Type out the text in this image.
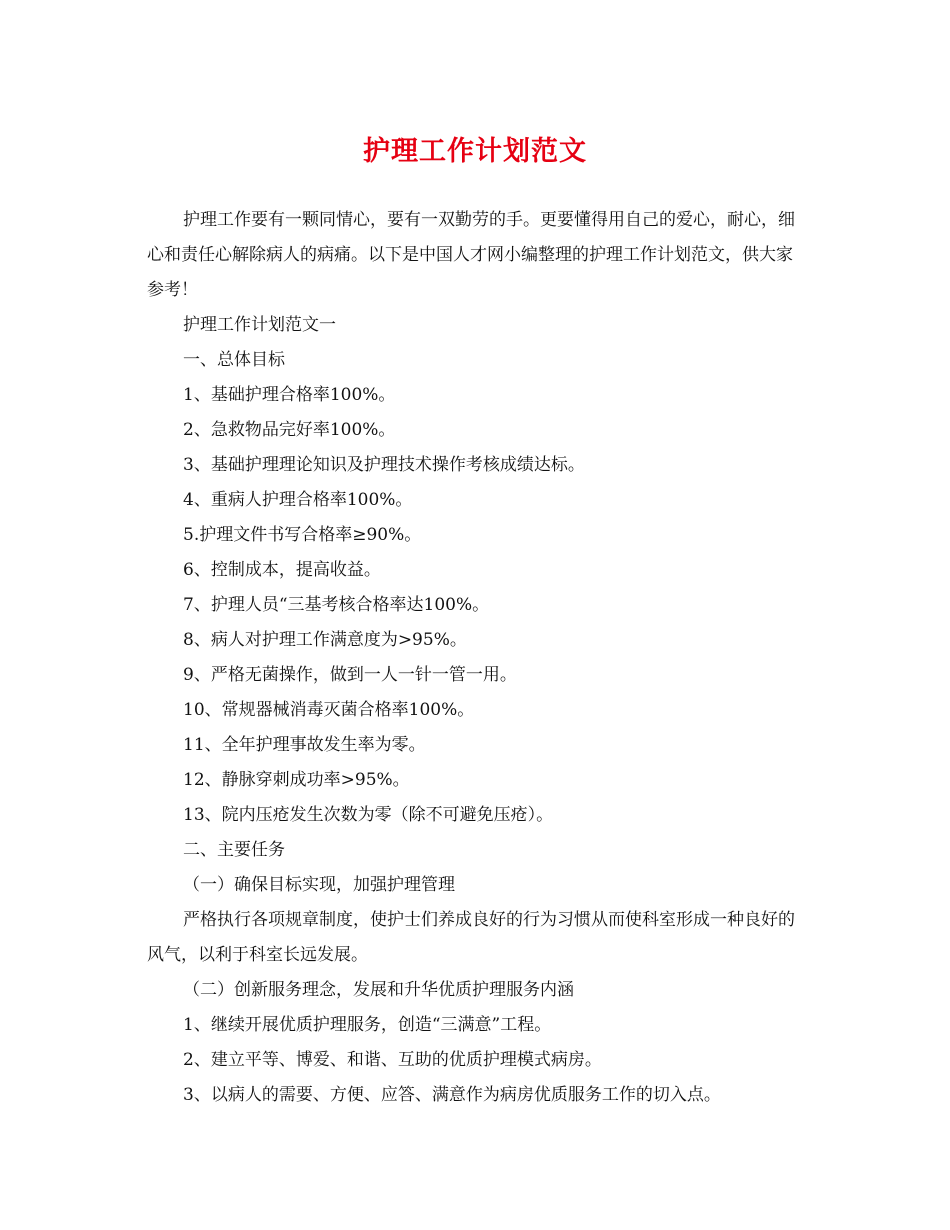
护理工作计划范文

护理工作要有一颗同情心，要有一双勤劳的手。更要懂得用自己的爱心，耐心，细心和责任心解除病人的病痛。以下是中国人才网小编整理的护理工作计划范文，供大家参考！

护理工作计划范文一

一、总体目标

1、基础护理合格率100%。

2、急救物品完好率100%。

3、基础护理理论知识及护理技术操作考核成绩达标。

4、重病人护理合格率100%。

5.护理文件书写合格率≥90%。

6、控制成本，提高收益。

7、护理人员“三基考核合格率达100%。

8、病人对护理工作满意度为>95%。

9、严格无菌操作，做到一人一针一管一用。

10、常规器械消毒灭菌合格率100%。

11、全年护理事故发生率为零。

12、静脉穿刺成功率>95%。

13、院内压疮发生次数为零（除不可避免压疮）。

二、主要任务

（一）确保目标实现，加强护理管理

严格执行各项规章制度，使护士们养成良好的行为习惯从而使科室形成一种良好的风气，以利于科室长远发展。

（二）创新服务理念，发展和升华优质护理服务内涵

1、继续开展优质护理服务，创造“三满意”工程。

2、建立平等、博爱、和谐、互助的优质护理模式病房。

3、以病人的需要、方便、应答、满意作为病房优质服务工作的切入点。
